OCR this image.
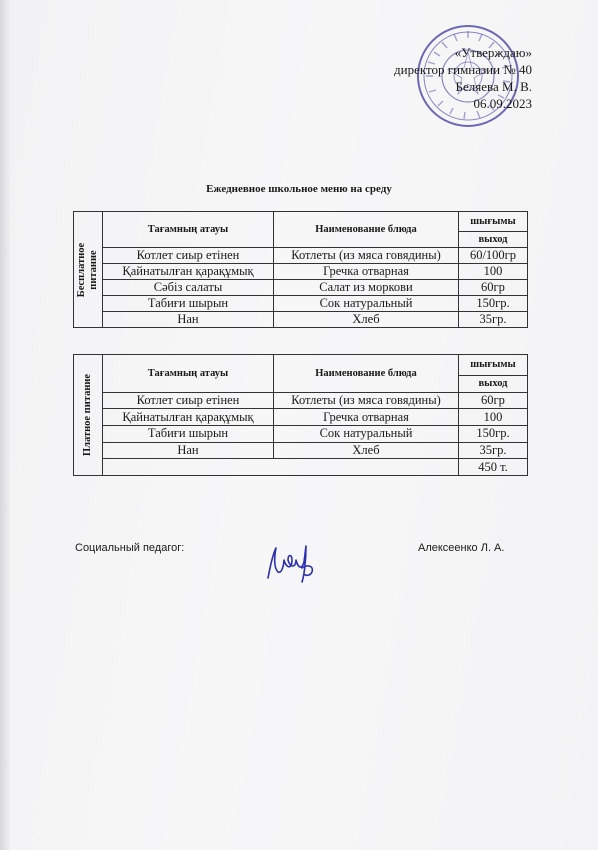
«Утверждаю»
директор гимназии № 40
Беляева М. В.
06.09.2023
Ежедневное школьное меню на среду
Бесплатное питание	Тағамның атауы	Наименование блюда	шығымы
			выход
	Котлет сиыр етінен	Котлеты (из мяса говядины)	60/100гр
	Қайнатылған қарақұмық	Гречка отварная	100
	Сәбіз салаты	Салат из моркови	60гр
	Табиғи шырын	Сок натуральный	150гр.
	Нан	Хлеб	35гр.
Платное питание	Тағамның атауы	Наименование блюда	шығымы
			выход
	Котлет сиыр етінен	Котлеты (из мяса говядины)	60гр
	Қайнатылған қарақұмық	Гречка отварная	100
	Табиғи шырын	Сок натуральный	150гр.
	Нан	Хлеб	35гр.
			450 т.
Социальный педагог:	Алексеенко Л. А.
